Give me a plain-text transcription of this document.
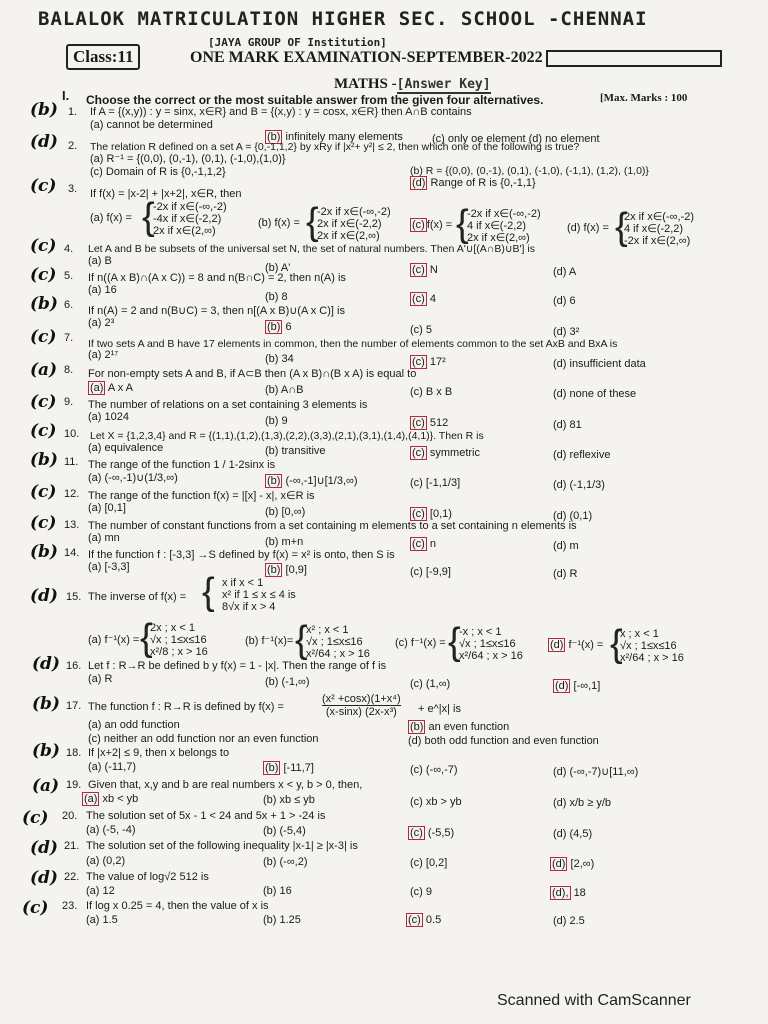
BALALOK MATRICULATION HIGHER SEC. SCHOOL -CHENNAI
[JAYA GROUP OF Institution]
Class:11	ONE MARK EXAMINATION-SEPTEMBER-2022
MATHS -[Answer Key]
[Max. Marks : 100
I. Choose the correct or the most suitable answer from the given four alternatives.
(b) 1. If A = {(x,y)) : y = sinx, x∈R} and B = {(x,y) : y = cosx, x∈R} then A∩B contains
(a) cannot be determined
(b) infinitely many elements	(c) only oe element (d) no element
(d) 2. The relation R defined on a set A = {0,-1,1,2} by xRy if |x²+ y²| ≤ 2, then which one of the following is true?
(a) R⁻¹ = {(0,0), (0,-1), (0,1), (-1,0),(1,0)}
(b) R = {(0,0), (0,-1), (0,1), (-1,0), (-1,1), (1,2), (1,0)}
(c) Domain of R is {0,-1,1,2}
(d) Range of R is {0,-1,1}
(c) 3. If f(x) = |x-2| + |x+2|, x∈R, then
(a) f(x) = {
-2x if x∈(-∞,-2)
-4x if x∈(-2,2)
2x if x∈(2,∞)
(b) f(x) = {
-2x if x∈(-∞,-2)
2x if x∈(-2,2)
2x if x∈(2,∞)
(c) f(x) = {
-2x if x∈(-∞,-2)
4 if x∈(-2,2)
2x if x∈(2,∞)
(d) f(x) = {
2x if x∈(-∞,-2)
4 if x∈(-2,2)
-2x if x∈(2,∞)
(c) 4. Let A and B be subsets of the universal set N, the set of natural numbers. Then A'∪[(A∩B)∪B'] is
(a) B
(b) A'	(c) N	(d) A
(c) 5. If n((A x B)∩(A x C)) = 8 and n(B∩C) = 2, then n(A) is
(a) 16
(b) 8	(c) 4	(d) 6
(b) 6. If n(A) = 2 and n(B∪C) = 3, then n[(A x B)∪(A x C)] is
(a) 2³	(b) 6	(c) 5	(d) 3²
(c) 7. If two sets A and B have 17 elements in common, then the number of elements common to the set AxB and BxA is
(a) 2¹⁷	(b) 34	(c) 17²	(d) insufficient data
(a) 8. For non-empty sets A and B, if A⊂B then (A x B)∩(B x A) is equal to
(a) A x A	(b) A∩B	(c) B x B	(d) none of these
(c) 9. The number of relations on a set containing 3 elements is
(a) 1024	(b) 9	(c) 512	(d) 81
(c) 10. Let X = {1,2,3,4} and R = {(1,1),(1,2),(1,3),(2,2),(3,3),(2,1),(3,1),(1,4),(4,1)}. Then R is
(a) equivalence	(b) transitive	(c) symmetric	(d) reflexive
(b) 11. The range of the function 1 / 1-2sinx is
(a) (-∞,-1)∪(1/3,∞)	(b) (-∞,-1]∪[1/3,∞)	(c) [-1,1/3]	(d) (-1,1/3)
(c) 12. The range of the function f(x) = |[x] - x|, x∈R is
(a) [0,1]	(b) [0,∞)	(c) [0,1)	(d) (0,1)
(c) 13. The number of constant functions from a set containing m elements to a set containing n elements is
(a) mn	(b) m+n	(c) n	(d) m
(b) 14. If the function f : [-3,3] →S defined by f(x) = x² is onto, then S is
(a) [-3,3]	(b) [0,9]	(c) [-9,9]	(d) R
(d) 15. The inverse of f(x) = { x if x < 1
x² if 1 ≤ x ≤ 4 is
8√x if x > 4
(a) f⁻¹(x) = {
2x ; x < 1
√x ; 1≤x≤16
x²/8 ; x > 16
(b) f⁻¹(x)= {
x² ; x < 1
√x ; 1≤x≤16
x²/64 ; x > 16
(c) f⁻¹(x) = {
-x ; x < 1
√x ; 1≤x≤16
x²/64 ; x > 16
(d) f⁻¹(x) = {
x ; x < 1
√x ; 1≤x≤16
x²/64 ; x > 16
(d) 16. Let f : R→R be defined b y f(x) = 1 - |x|. Then the range of f is
(a) R	(b) (-1,∞)	(c) (1,∞)	(d) [-∞,1]
(b) 17. The function f : R→R is defined by f(x) =
(x² +cosx)(1+x⁴)
(x-sinx) (2x-x³)	+ e^|x| is
(a) an odd function	(b) an even function
(c) neither an odd function nor an even function	(d) both odd function and even function
(b) 18. If |x+2| ≤ 9, then x belongs to
(a) (-11,7)	(b) [-11,7]	(c) (-∞,-7)	(d) (-∞,-7)∪[11,∞)
(a) 19. Given that, x,y and b are real numbers x < y, b > 0, then,
(a) xb < yb	(b) xb ≤ yb	(c) xb > yb	(d) x/b ≥ y/b
(c) 20. The solution set of 5x - 1 < 24 and 5x + 1 > -24 is
(a) (-5, -4)	(b) (-5,4)	(c) (-5,5)	(d) (4,5)
(d) 21. The solution set of the following inequality |x-1| ≥ |x-3| is
(a) (0,2)	(b) (-∞,2)	(c) [0,2]	(d) [2,∞)
(d) 22. The value of log√2 512 is
(a) 12	(b) 16	(c) 9	(d), 18
(c) 23. If log x 0.25 = 4, then the value of x is
(a) 1.5	(b) 1.25	(c) 0.5	(d) 2.5
Scanned with CamScanner
